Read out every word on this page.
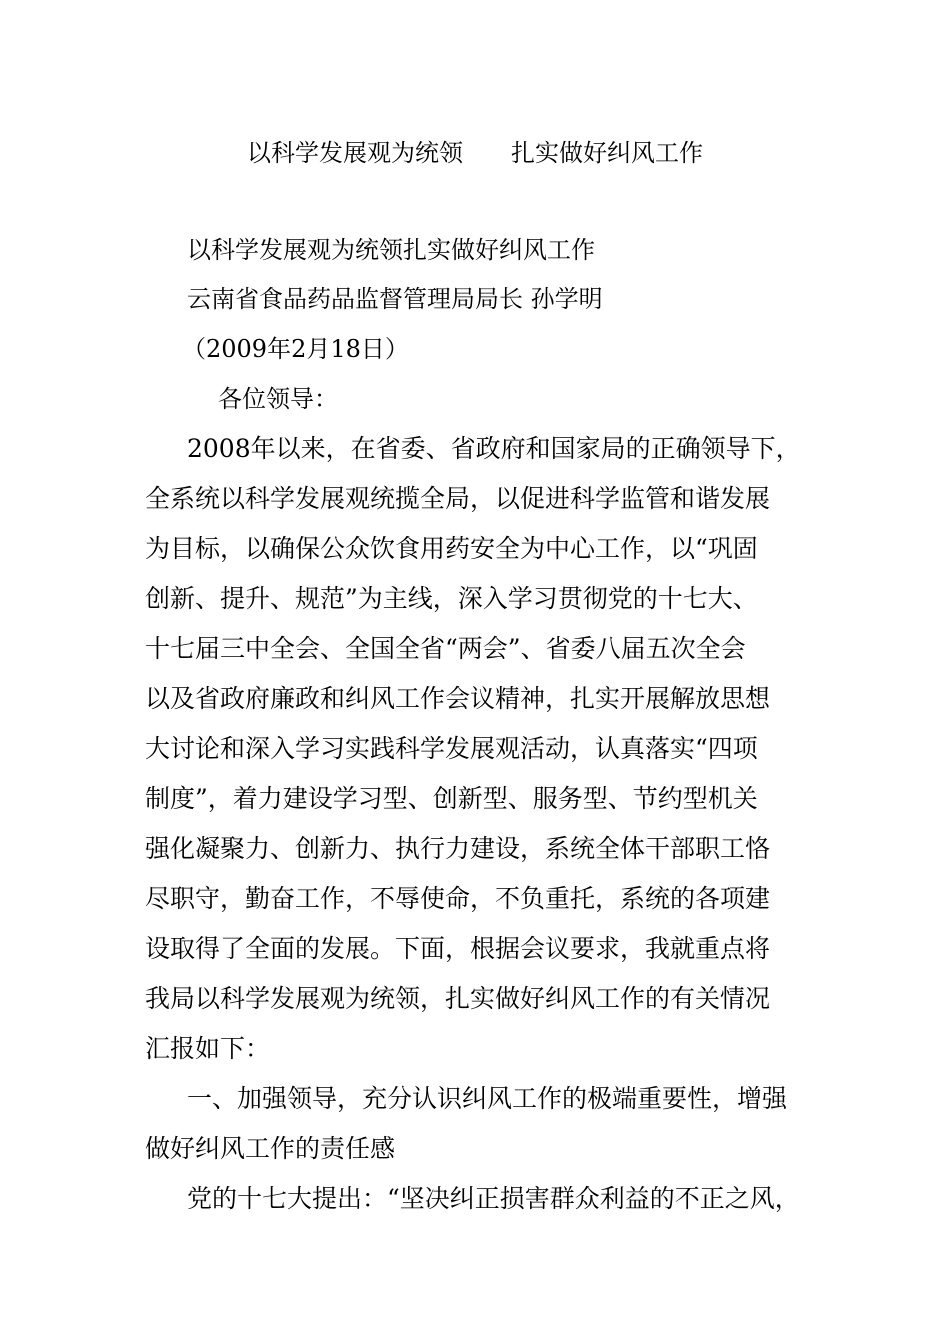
以科学发展观为统领　　扎实做好纠风工作
以科学发展观为统领扎实做好纠风工作
云南省食品药品监督管理局局长 孙学明
（2009年2月18日）
各位领导：
2008年以来，在省委、省政府和国家局的正确领导下，
全系统以科学发展观统揽全局，以促进科学监管和谐发展
为目标，以确保公众饮食用药安全为中心工作，以“巩固
创新、提升、规范”为主线，深入学习贯彻党的十七大、
十七届三中全会、全国全省“两会”、省委八届五次全会
以及省政府廉政和纠风工作会议精神，扎实开展解放思想
大讨论和深入学习实践科学发展观活动，认真落实“四项
制度”，着力建设学习型、创新型、服务型、节约型机关
强化凝聚力、创新力、执行力建设，系统全体干部职工恪
尽职守，勤奋工作，不辱使命，不负重托，系统的各项建
设取得了全面的发展。下面，根据会议要求，我就重点将
我局以科学发展观为统领，扎实做好纠风工作的有关情况
汇报如下：
一、加强领导，充分认识纠风工作的极端重要性，增强
做好纠风工作的责任感
党的十七大提出：“坚决纠正损害群众利益的不正之风，
